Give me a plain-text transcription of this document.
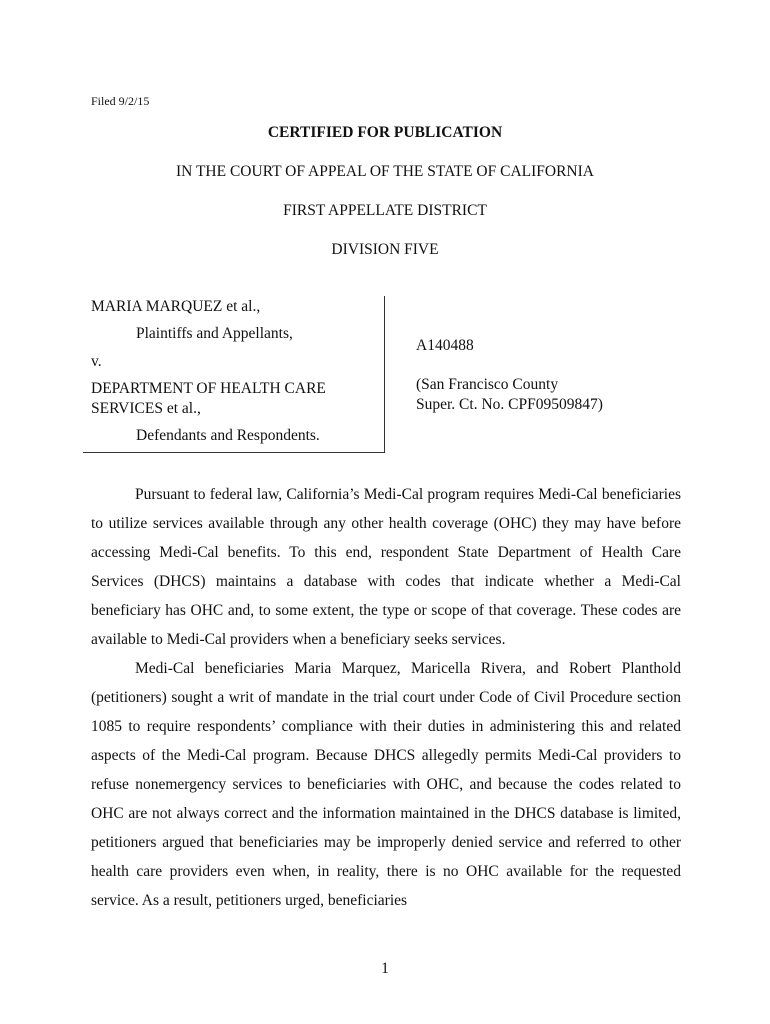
Filed 9/2/15
CERTIFIED FOR PUBLICATION
IN THE COURT OF APPEAL OF THE STATE OF CALIFORNIA
FIRST APPELLATE DISTRICT
DIVISION FIVE
MARIA MARQUEZ et al.,
Plaintiffs and Appellants,
v.
DEPARTMENT OF HEALTH CARE
SERVICES et al.,
Defendants and Respondents.
A140488
(San Francisco County
Super. Ct. No. CPF09509847)

Pursuant to federal law, California’s Medi-Cal program requires Medi-Cal beneficiaries to utilize services available through any other health coverage (OHC) they may have before accessing Medi-Cal benefits. To this end, respondent State Department of Health Care Services (DHCS) maintains a database with codes that indicate whether a Medi-Cal beneficiary has OHC and, to some extent, the type or scope of that coverage. These codes are available to Medi-Cal providers when a beneficiary seeks services.

Medi-Cal beneficiaries Maria Marquez, Maricella Rivera, and Robert Planthold (petitioners) sought a writ of mandate in the trial court under Code of Civil Procedure section 1085 to require respondents’ compliance with their duties in administering this and related aspects of the Medi-Cal program. Because DHCS allegedly permits Medi-Cal providers to refuse nonemergency services to beneficiaries with OHC, and because the codes related to OHC are not always correct and the information maintained in the DHCS database is limited, petitioners argued that beneficiaries may be improperly denied service and referred to other health care providers even when, in reality, there is no OHC available for the requested service. As a result, petitioners urged, beneficiaries

1
